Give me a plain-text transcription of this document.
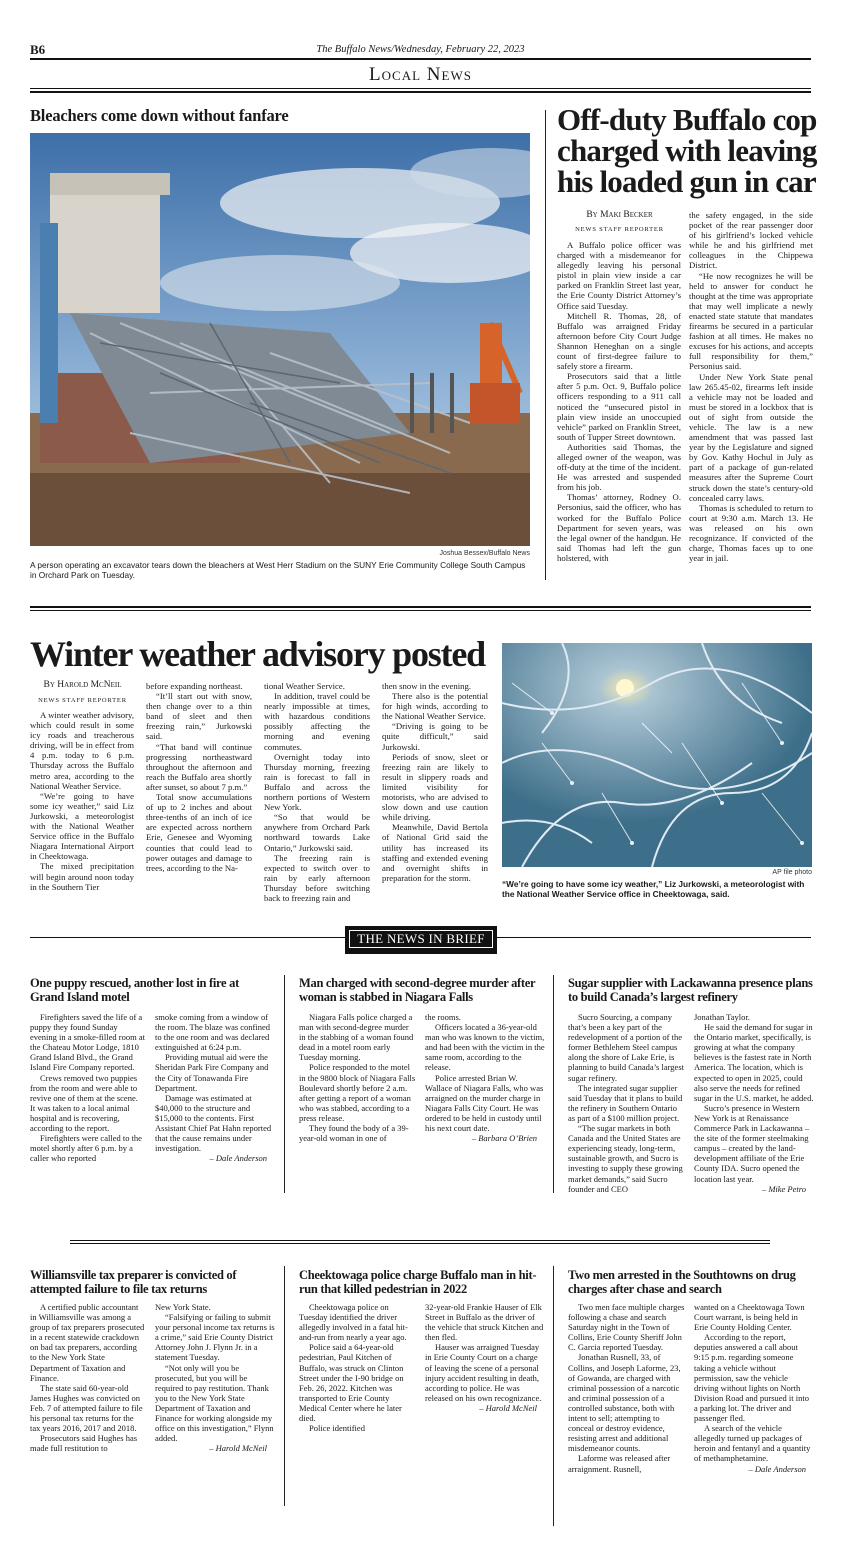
B6	The Buffalo News/Wednesday, February 22, 2023
Local News
Bleachers come down without fanfare
Joshua Bessex/Buffalo News
A person operating an excavator tears down the bleachers at West Herr Stadium on the SUNY Erie Community College South Campus in Orchard Park on Tuesday.
Off-duty Buffalo cop charged with leaving his loaded gun in car
By Maki Becker
NEWS STAFF REPORTER

A Buffalo police officer was charged with a misdemeanor for allegedly leaving his personal pistol in plain view inside a car parked on Franklin Street last year, the Erie County District Attorney’s Office said Tuesday.

Mitchell R. Thomas, 28, of Buffalo was arraigned Friday afternoon before City Court Judge Shannon Heneghan on a single count of first-degree failure to safely store a firearm.

Prosecutors said that a little after 5 p.m. Oct. 9, Buffalo police officers responding to a 911 call noticed the “unsecured pistol in plain view inside an unoccupied vehicle” parked on Franklin Street, south of Tupper Street downtown.

Authorities said Thomas, the alleged owner of the weapon, was off-duty at the time of the incident. He was arrested and suspended from his job.

Thomas’ attorney, Rodney O. Personius, said the officer, who has worked for the Buffalo Police Department for seven years, was the legal owner of the handgun. He said Thomas had left the gun holstered, with

the safety engaged, in the side pocket of the rear passenger door of his girlfriend’s locked vehicle while he and his girlfriend met colleagues in the Chippewa District.

“He now recognizes he will be held to answer for conduct he thought at the time was appropriate that may well implicate a newly enacted state statute that mandates firearms be secured in a particular fashion at all times. He makes no excuses for his actions, and accepts full responsibility for them,” Personius said.

Under New York State penal law 265.45-02, firearms left inside a vehicle may not be loaded and must be stored in a lockbox that is out of sight from outside the vehicle. The law is a new amendment that was passed last year by the Legislature and signed by Gov. Kathy Hochul in July as part of a package of gun-related measures after the Supreme Court struck down the state’s century-old concealed carry laws.

Thomas is scheduled to return to court at 9:30 a.m. March 13. He was released on his own recognizance. If convicted of the charge, Thomas faces up to one year in jail.

Winter weather advisory posted
By Harold McNeil
NEWS STAFF REPORTER

A winter weather advisory, which could result in some icy roads and treacherous driving, will be in effect from 4 p.m. today to 6 p.m. Thursday across the Buffalo metro area, according to the National Weather Service.

“We’re going to have some icy weather,” said Liz Jurkowski, a meteorologist with the National Weather Service office in the Buffalo Niagara International Airport in Cheektowaga.

The mixed precipitation will begin around noon today in the Southern Tier

before expanding northeast.

“It’ll start out with snow, then change over to a thin band of sleet and then freezing rain,” Jurkowski said.

“That band will continue progressing northeastward throughout the afternoon and reach the Buffalo area shortly after sunset, so about 7 p.m.”

Total snow accumulations of up to 2 inches and about three-tenths of an inch of ice are expected across northern Erie, Genesee and Wyoming counties that could lead to power outages and damage to trees, according to the Na-

tional Weather Service.

In addition, travel could be nearly impossible at times, with hazardous conditions possibly affecting the morning and evening commutes.

Overnight today into Thursday morning, freezing rain is forecast to fall in Buffalo and across the northern portions of Western New York.

“So that would be anywhere from Orchard Park northward towards Lake Ontario,” Jurkowski said.

The freezing rain is expected to switch over to rain by early afternoon Thursday before switching back to freezing rain and

then snow in the evening.

There also is the potential for high winds, according to the National Weather Service.

“Driving is going to be quite difficult,” said Jurkowski.

Periods of snow, sleet or freezing rain are likely to result in slippery roads and limited visibility for motorists, who are advised to slow down and use caution while driving.

Meanwhile, David Bertola of National Grid said the utility has increased its staffing and extended evening and overnight shifts in preparation for the storm.

AP file photo
“We’re going to have some icy weather,” Liz Jurkowski, a meteorologist with the National Weather Service office in Cheektowaga, said.
THE NEWS IN BRIEF
One puppy rescued, another lost in fire at Grand Island motel

Firefighters saved the life of a puppy they found Sunday evening in a smoke-filled room at the Chateau Motor Lodge, 1810 Grand Island Blvd., the Grand Island Fire Company reported.

Crews removed two puppies from the room and were able to revive one of them at the scene. It was taken to a local animal hospital and is recovering, according to the report.

Firefighters were called to the motel shortly after 6 p.m. by a caller who reported

smoke coming from a window of the room. The blaze was confined to the one room and was declared extinguished at 6:24 p.m.

Providing mutual aid were the Sheridan Park Fire Company and the City of Tonawanda Fire Department.

Damage was estimated at $40,000 to the structure and $15,000 to the contents. First Assistant Chief Pat Hahn reported that the cause remains under investigation.

– Dale Anderson
Man charged with second-degree murder after woman is stabbed in Niagara Falls

Niagara Falls police charged a man with second-degree murder in the stabbing of a woman found dead in a motel room early Tuesday morning.

Police responded to the motel in the 9800 block of Niagara Falls Boulevard shortly before 2 a.m. after getting a report of a woman who was stabbed, according to a press release.

They found the body of a 39-year-old woman in one of

the rooms.

Officers located a 36-year-old man who was known to the victim, and had been with the victim in the same room, according to the release.

Police arrested Brian W. Wallace of Niagara Falls, who was arraigned on the murder charge in Niagara Falls City Court. He was ordered to be held in custody until his next court date.

– Barbara O’Brien
Sugar supplier with Lackawanna presence plans to build Canada’s largest refinery

Sucro Sourcing, a company that’s been a key part of the redevelopment of a portion of the former Bethlehem Steel campus along the shore of Lake Erie, is planning to build Canada’s largest sugar refinery.

The integrated sugar supplier said Tuesday that it plans to build the refinery in Southern Ontario as part of a $100 million project.

“The sugar markets in both Canada and the United States are experiencing steady, long-term, sustainable growth, and Sucro is investing to supply these growing market demands,” said Sucro founder and CEO

Jonathan Taylor.

He said the demand for sugar in the Ontario market, specifically, is growing at what the company believes is the fastest rate in North America. The location, which is expected to open in 2025, could also serve the needs for refined sugar in the U.S. market, he added.

Sucro’s presence in Western New York is at Renaissance Commerce Park in Lackawanna – the site of the former steelmaking campus – created by the land-development affiliate of the Erie County IDA. Sucro opened the location last year.

– Mike Petro
Williamsville tax preparer is convicted of attempted failure to file tax returns

A certified public accountant in Williamsville was among a group of tax preparers prosecuted in a recent statewide crackdown on bad tax preparers, according to the New York State Department of Taxation and Finance.

The state said 60-year-old James Hughes was convicted on Feb. 7 of attempted failure to file his personal tax returns for the tax years 2016, 2017 and 2018.

Prosecutors said Hughes has made full restitution to

New York State.

“Falsifying or failing to submit your personal income tax returns is a crime,” said Erie County District Attorney John J. Flynn Jr. in a statement Tuesday.

“Not only will you be prosecuted, but you will be required to pay restitution. Thank you to the New York State Department of Taxation and Finance for working alongside my office on this investigation,” Flynn added.

– Harold McNeil
Cheektowaga police charge Buffalo man in hit-run that killed pedestrian in 2022

Cheektowaga police on Tuesday identified the driver allegedly involved in a fatal hit-and-run from nearly a year ago.

Police said a 64-year-old pedestrian, Paul Kitchen of Buffalo, was struck on Clinton Street under the I-90 bridge on Feb. 26, 2022. Kitchen was transported to Erie County Medical Center where he later died.

Police identified

32-year-old Frankie Hauser of Elk Street in Buffalo as the driver of the vehicle that struck Kitchen and then fled.

Hauser was arraigned Tuesday in Erie County Court on a charge of leaving the scene of a personal injury accident resulting in death, according to police. He was released on his own recognizance.

– Harold McNeil
Two men arrested in the Southtowns on drug charges after chase and search

Two men face multiple charges following a chase and search Saturday night in the Town of Collins, Erie County Sheriff John C. Garcia reported Tuesday.

Jonathan Rusnell, 33, of Collins, and Joseph Laforme, 23, of Gowanda, are charged with criminal possession of a narcotic and criminal possession of a controlled substance, both with intent to sell; attempting to conceal or destroy evidence, resisting arrest and additional misdemeanor counts.

Laforme was released after arraignment. Rusnell,

wanted on a Cheektowaga Town Court warrant, is being held in Erie County Holding Center.

According to the report, deputies answered a call about 9:15 p.m. regarding someone taking a vehicle without permission, saw the vehicle driving without lights on North Division Road and pursued it into a parking lot. The driver and passenger fled.

A search of the vehicle allegedly turned up packages of heroin and fentanyl and a quantity of methamphetamine.

– Dale Anderson
